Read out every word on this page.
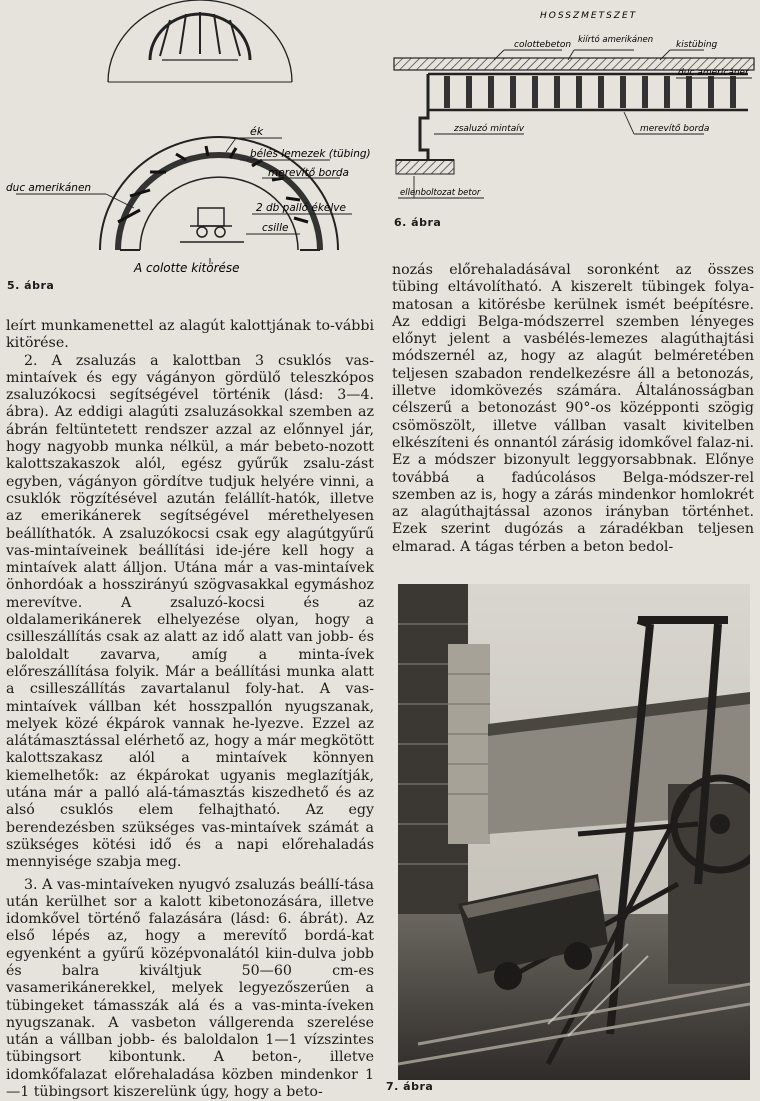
ék
bélés lemezek (tübing)
merevítő borda
duc amerikánen
2 db palló ékelve
csille
A colotte kitörése
5. ábra
HOSSZMETSZET
colottebeton kiírtó amerikánen	kistübing
duc americáner
zsaluzó mintaív	merevítő borda
ellenboltozat betor
6. ábra

leírt munkamenettel az alagút kalottjának to-vábbi kitörése.

2. A zsaluzás a kalottban 3 csuklós vas-mintaívek és egy vágányon gördülő teleszkópos zsaluzókocsi segítségével történik (lásd: 3—4. ábra). Az eddigi alagúti zsaluzásokkal szemben az ábrán feltüntetett rendszer azzal az előnnyel jár, hogy nagyobb munka nélkül, a már bebeto-nozott kalottszakaszok alól, egész gyűrűk zsalu-zást egyben, vágányon gördítve tudjuk helyére vinni, a csuklók rögzítésével azután felállít-hatók, illetve az emerikánerek segítségével mérethelyesen beállíthatók. A zsaluzókocsi csak egy alagútgyűrű vas-mintaíveinek beállítási ide-jére kell hogy a mintaívek alatt álljon. Utána már a vas-mintaívek önhordóak a hosszirányú szögvasakkal egymáshoz merevítve. A zsaluzó-kocsi és az oldalamerikánerek elhelyezése olyan, hogy a csilleszállítás csak az alatt az idő alatt van jobb- és baloldalt zavarva, amíg a minta-ívek előreszállítása folyik. Már a beállítási munka alatt a csilleszállítás zavartalanul foly-hat. A vas-mintaívek vállban két hosszpallón nyugszanak, melyek közé ékpárok vannak he-lyezve. Ezzel az alátámasztással elérhető az, hogy a már megkötött kalottszakasz alól a mintaívek könnyen kiemelhetők: az ékpárokat ugyanis meglazítják, utána már a palló alá-támasztás kiszedhető és az alsó csuklós elem felhajtható. Az egy berendezésben szükséges vas-mintaívek számát a szükséges kötési idő és a napi előrehaladás mennyisége szabja meg.

3. A vas-mintaíveken nyugvó zsaluzás beállí-tása után kerülhet sor a kalott kibetonozására, illetve idomkővel történő falazására (lásd: 6. ábrát). Az első lépés az, hogy a merevítő bordá-kat egyenként a gyűrű középvonalától kiin-dulva jobb és balra kiváltjuk 50—60 cm-es vasamerikánerekkel, melyek legyezőszerűen a tübingeket támasszák alá és a vas-minta-íveken nyugszanak. A vasbeton vállgerenda szerelése után a vállban jobb- és baloldalon 1—1 vízszintes tübingsort kibontunk. A beton-, illetve idomkőfalazat előrehaladása közben mindenkor 1—1 tübingsort kiszerelünk úgy, hogy a beto-

nozás előrehaladásával soronként az összes tübing eltávolítható. A kiszerelt tübingek folya-matosan a kitörésbe kerülnek ismét beépítésre. Az eddigi Belga-módszerrel szemben lényeges előnyt jelent a vasbélés-lemezes alagúthajtási módszernél az, hogy az alagút belméretében teljesen szabadon rendelkezésre áll a betonozás, illetve idomkövezés számára. Általánosságban célszerű a betonozást 90°-os középponti szögig csömöszölt, illetve vállban vasalt kivitelben elkészíteni és onnantól zárásig idomkővel falaz-ni. Ez a módszer bizonyult leggyorsabbnak. Előnye továbbá a fadúcolásos Belga-módszer-rel szemben az is, hogy a zárás mindenkor homlokrét az alagúthajtással azonos irányban történhet. Ezek szerint dugózás a záradékban teljesen elmarad. A tágas térben a beton bedol-

7. ábra
